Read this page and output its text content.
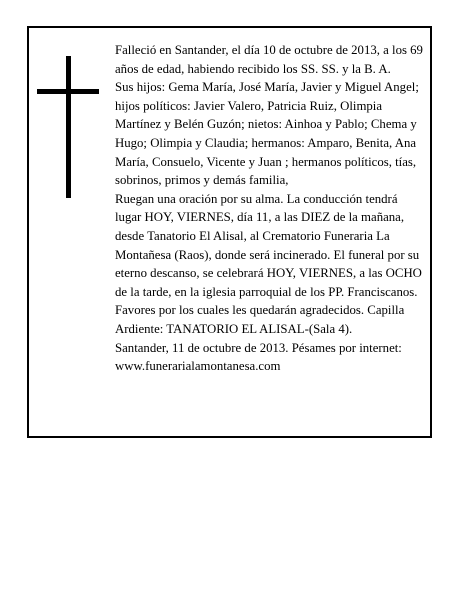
Falleció en Santander, el día 10 de octubre de 2013, a los 69 años de edad, habiendo recibido los SS. SS. y la B. A.

Sus hijos: Gema María, José María, Javier y Miguel Angel; hijos políticos: Javier Valero, Patricia Ruiz, Olimpia Martínez y Belén Guzón; nietos: Ainhoa y Pablo; Chema y Hugo; Olimpia y Claudia; hermanos: Amparo, Benita, Ana María, Consuelo, Vicente y Juan ; hermanos políticos, tías, sobrinos, primos y demás familia,

Ruegan una oración por su alma. La conducción tendrá lugar HOY, VIERNES, día 11, a las DIEZ de la mañana, desde Tanatorio El Alisal, al Crematorio Funeraria La Montañesa (Raos), donde será incinerado. El funeral por su eterno descanso, se celebrará HOY, VIERNES, a las OCHO de la tarde, en la iglesia parroquial de los PP. Franciscanos. Favores por los cuales les quedarán agradecidos. Capilla Ardiente: TANATORIO EL ALISAL-(Sala 4).

Santander, 11 de octubre de 2013. Pésames por internet: www.funerarialamontanesa.com
